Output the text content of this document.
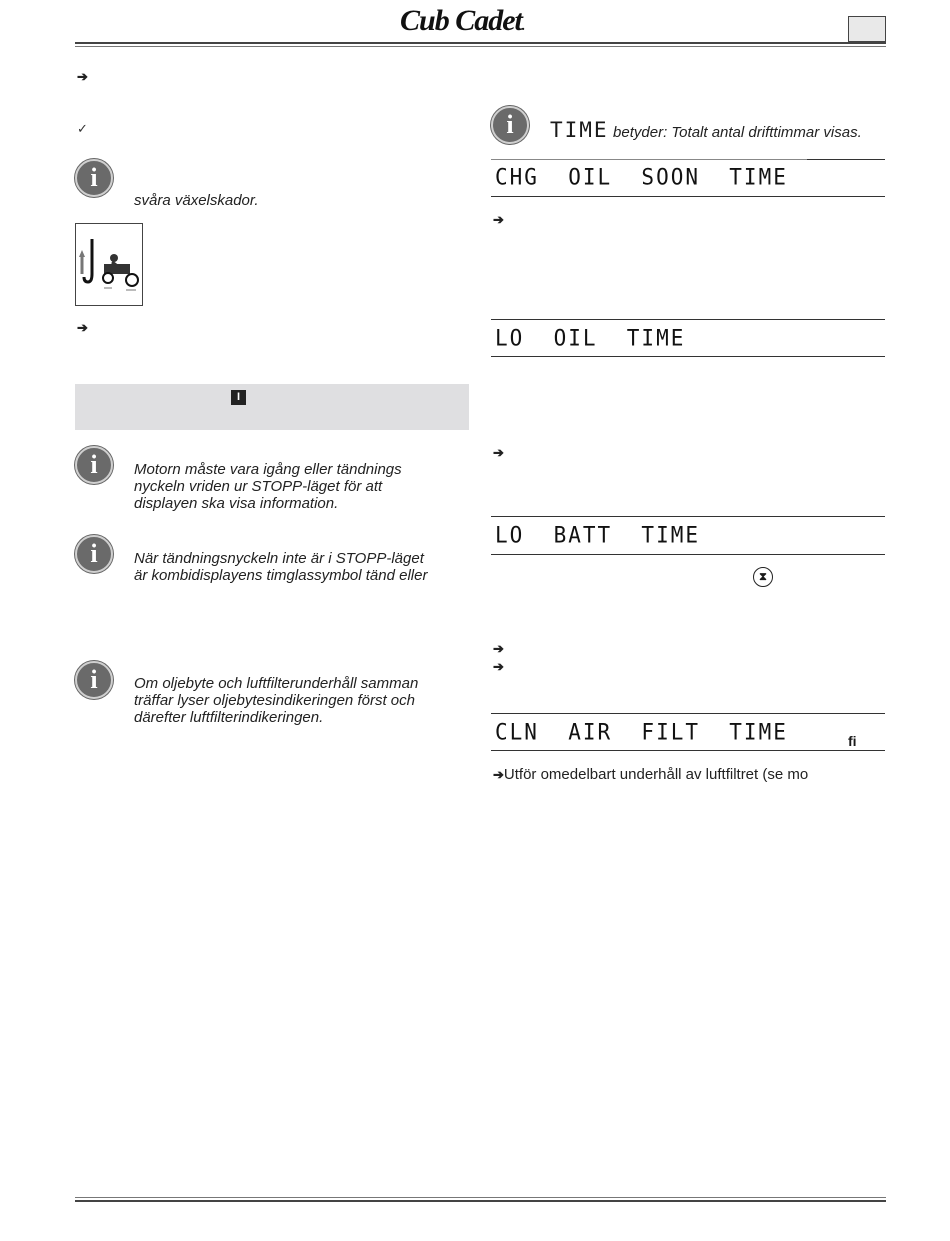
Cub Cadet.
➔
✓
i
svåra växelskador.
➔
I
i	Motorn måste vara igång eller tändnings
nyckeln vriden ur STOPP-läget för att
displayen ska visa information.
i	När tändningsnyckeln inte är i STOPP-läget
är kombidisplayens timglassymbol tänd eller
i	Om oljebyte och luftfilterunderhåll samman
träffar lyser oljebytesindikeringen först och
därefter luftfilterindikeringen.
i	TIME betyder: Totalt antal drifttimmar visas.
CHG  OIL  SOON  TIME
➔
LO  OIL  TIME
➔
LO  BATT  TIME
⧗
➔
➔
CLN  AIR  FILT  TIME	fi
➔Utför omedelbart underhåll av luftfiltret (se mo
